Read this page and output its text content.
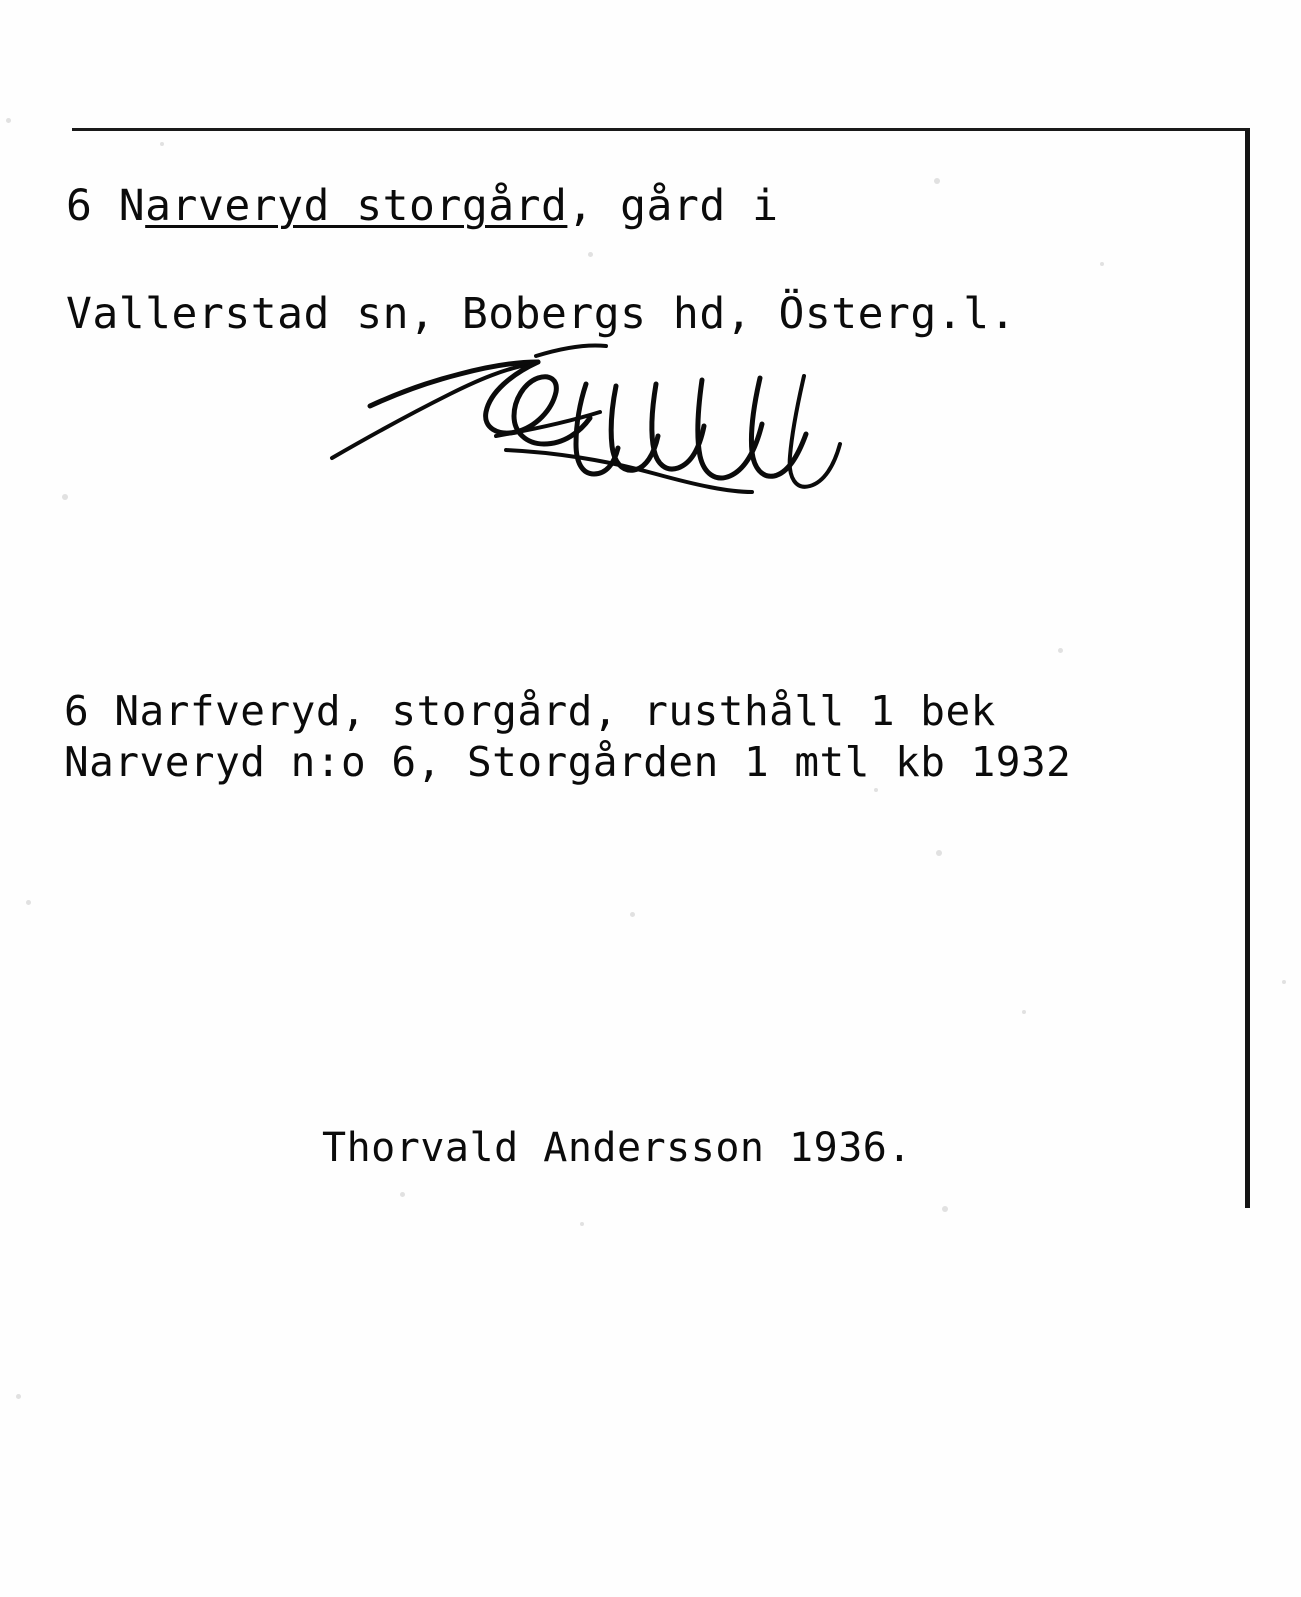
6 Narveryd storgård, gård i
Vallerstad sn, Bobergs hd, Österg.l.
6 Narfveryd, storgård, rusthåll 1 bek
Narveryd n:o 6, Storgården 1 mtl kb 1932
Thorvald Andersson 1936.
